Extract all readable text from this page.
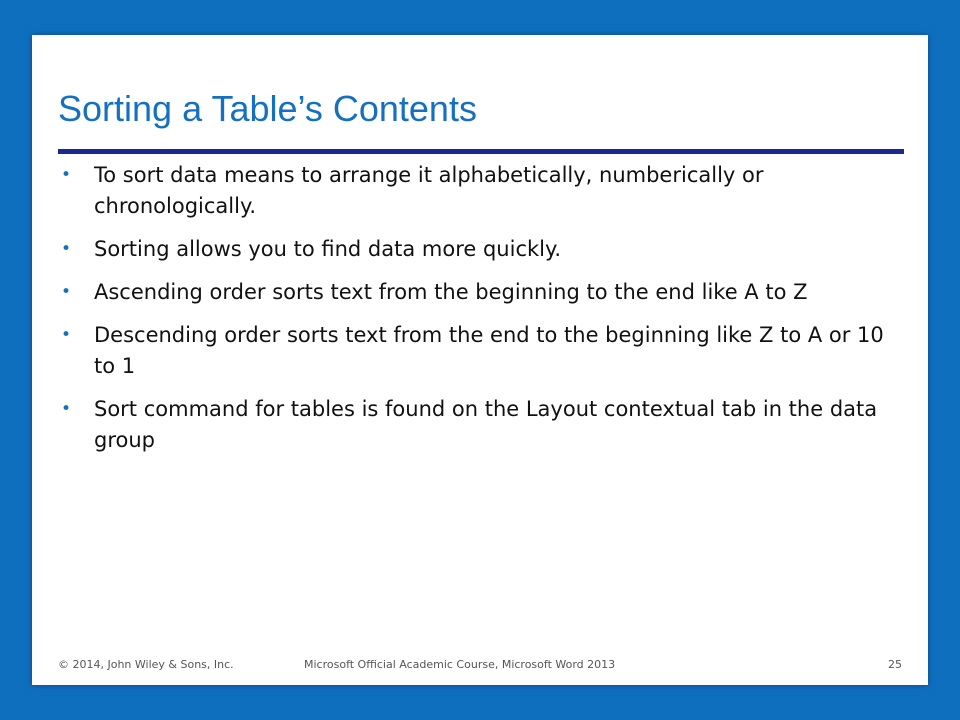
Sorting a Table’s Contents
• To sort data means to arrange it alphabetically, numberically or chronologically.
• Sorting allows you to find data more quickly.
• Ascending order sorts text from the beginning to the end like A to Z
• Descending order sorts text from the end to the beginning like Z to A or 10 to 1
• Sort command for tables is found on the Layout contextual tab in the data group
© 2014, John Wiley & Sons, Inc.	Microsoft Official Academic Course, Microsoft Word 2013	25
